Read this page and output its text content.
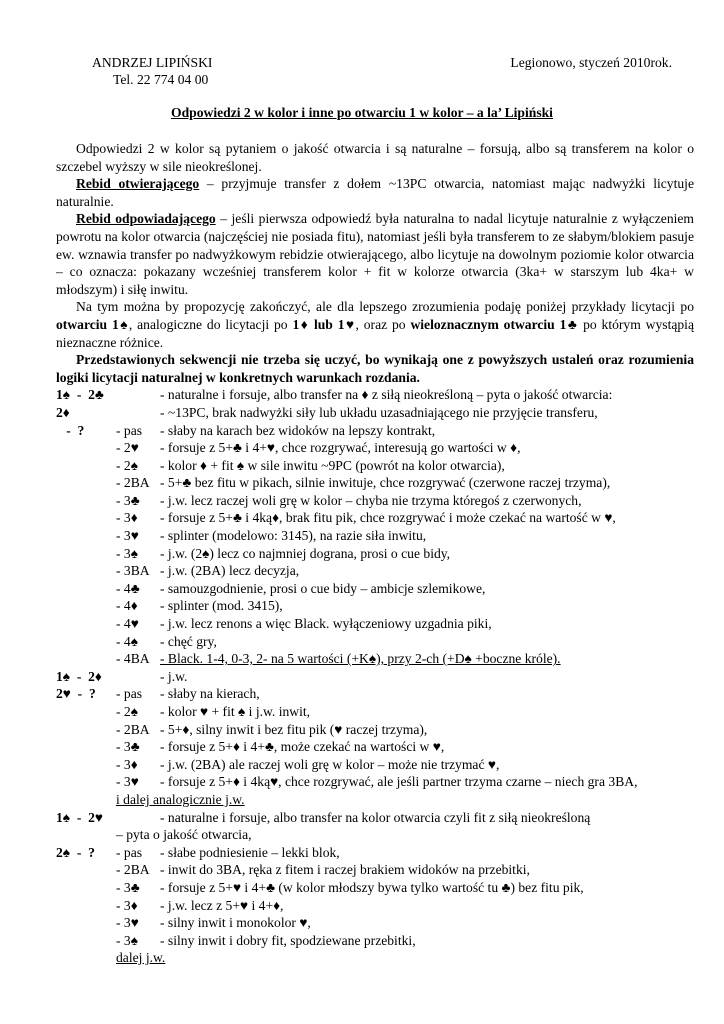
ANDRZEJ LIPIŃSKI
Tel. 22 774 04 00
Legionowo, styczeń 2010rok.
Odpowiedzi 2 w kolor i inne po otwarciu 1 w kolor – a la’ Lipiński

Odpowiedzi 2 w kolor są pytaniem o jakość otwarcia i są naturalne – forsują, albo są transferem na kolor o szczebel wyższy w sile nieokreślonej.

Rebid otwierającego – przyjmuje transfer z dołem ~13PC otwarcia, natomiast mając nadwyżki licytuje naturalnie.

Rebid odpowiadającego – jeśli pierwsza odpowiedź była naturalna to nadal licytuje naturalnie z wyłączeniem powrotu na kolor otwarcia (najczęściej nie posiada fitu), natomiast jeśli była transferem to ze słabym/blokiem pasuje ew. wznawia transfer po nadwyżkowym rebidzie otwierającego, albo licytuje na dowolnym poziomie kolor otwarcia – co oznacza: pokazany wcześniej transferem kolor + fit w kolorze otwarcia (3ka+ w starszym lub 4ka+ w młodszym) i siłę inwitu.

Na tym można by propozycję zakończyć, ale dla lepszego zrozumienia podaję poniżej przykłady licytacji po otwarciu 1♠, analogiczne do licytacji po 1♦ lub 1♥, oraz po wieloznacznym otwarciu 1♣ po którym wystąpią nieznaczne różnice.

Przedstawionych sekwencji nie trzeba się uczyć, bo wynikają one z powyższych ustaleń oraz rozumienia logiki licytacji naturalnej w konkretnych warunkach rozdania.

1♠  -  2♣	- naturalne i forsuje, albo transfer na ♦ z siłą nieokreśloną – pyta o jakość otwarcia:
2♦	- ~13PC, brak nadwyżki siły lub układu uzasadniającego nie przyjęcie transferu,
-  ?	- pas	- słaby na karach bez widoków na lepszy kontrakt,
- 2♥	- forsuje z 5+♣ i 4+♥, chce rozgrywać, interesują go wartości w ♦,
- 2♠	- kolor ♦ + fit ♠ w sile inwitu ~9PC (powrót na kolor otwarcia),
- 2BA - 5+♣ bez fitu w pikach, silnie inwituje, chce rozgrywać (czerwone raczej trzyma),
- 3♣	- j.w. lecz raczej woli grę w kolor – chyba nie trzyma któregoś z czerwonych,
- 3♦	- forsuje z 5+♣ i 4ką♦, brak fitu pik, chce rozgrywać i może czekać na wartość w ♥,
- 3♥	- splinter (modelowo: 3145), na razie siła inwitu,
- 3♠	- j.w. (2♠) lecz co najmniej dograna, prosi o cue bidy,
- 3BA - j.w. (2BA) lecz decyzja,
- 4♣	- samouzgodnienie, prosi o cue bidy – ambicje szlemikowe,
- 4♦	- splinter (mod. 3415),
- 4♥	- j.w. lecz renons a więc Black. wyłączeniowy uzgadnia piki,
- 4♠	- chęć gry,
- 4BA - Black. 1-4, 0-3, 2- na 5 wartości (+K♠), przy 2-ch (+D♠ +boczne króle).
1♠  -  2♦	- j.w.
2♥  -  ?	- pas	- słaby na kierach,
- 2♠	- kolor ♥ + fit ♠ i j.w. inwit,
- 2BA - 5+♦, silny inwit i bez fitu pik (♥ raczej trzyma),
- 3♣	- forsuje z 5+♦ i 4+♣, może czekać na wartości w ♥,
- 3♦	- j.w. (2BA) ale raczej woli grę w kolor – może nie trzymać ♥,
- 3♥	- forsuje z 5+♦ i 4ką♥, chce rozgrywać, ale jeśli partner trzyma czarne – niech gra 3BA,
i dalej analogicznie j.w.
1♠  -  2♥	- naturalne i forsuje, albo transfer na kolor otwarcia czyli fit z siłą nieokreśloną
– pyta o jakość otwarcia,
2♠  -  ?	- pas	- słabe podniesienie – lekki blok,
- 2BA - inwit do 3BA, ręka z fitem i raczej brakiem widoków na przebitki,
- 3♣	- forsuje z 5+♥ i 4+♣ (w kolor młodszy bywa tylko wartość tu ♣) bez fitu pik,
- 3♦	- j.w. lecz z 5+♥ i 4+♦,
- 3♥	- silny inwit i monokolor ♥,
- 3♠	- silny inwit i dobry fit, spodziewane przebitki,
dalej j.w.
